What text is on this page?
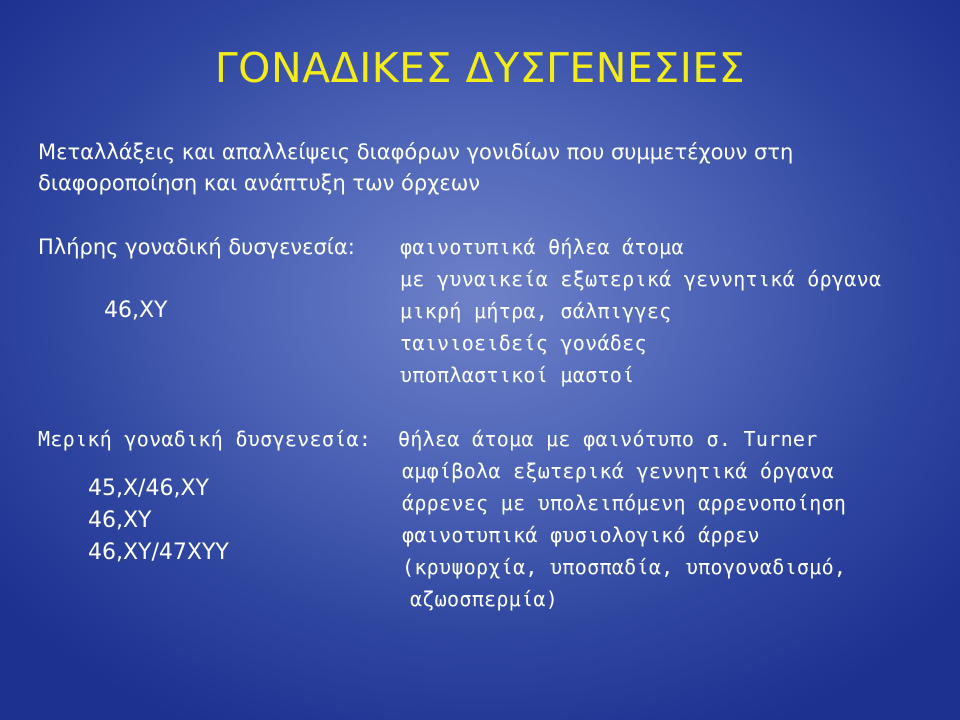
ΓΟΝΑΔΙΚΕΣ ΔΥΣΓΕΝΕΣΙΕΣ
Μεταλλάξεις και απαλλείψεις διαφόρων γονιδίων που συμμετέχουν στη
διαφοροποίηση και ανάπτυξη των όρχεων
Πλήρης γοναδική δυσγενεσία:
46,XY
φαινοτυπικά θήλεα άτομα
με γυναικεία εξωτερικά γεννητικά όργανα
μικρή μήτρα, σάλπιγγες
ταινιοειδείς γονάδες
υποπλαστικοί μαστοί
Μερική γοναδική δυσγενεσία:
45,X/46,XY
46,XY
46,XY/47XYY
θήλεα άτομα με φαινότυπο σ. Turner
αμφίβολα εξωτερικά γεννητικά όργανα
άρρενες με υπολειπόμενη αρρενοποίηση
φαινοτυπικά φυσιολογικό άρρεν
(κρυψορχία, υποσπαδία, υπογοναδισμό,
αζωοσπερμία)
